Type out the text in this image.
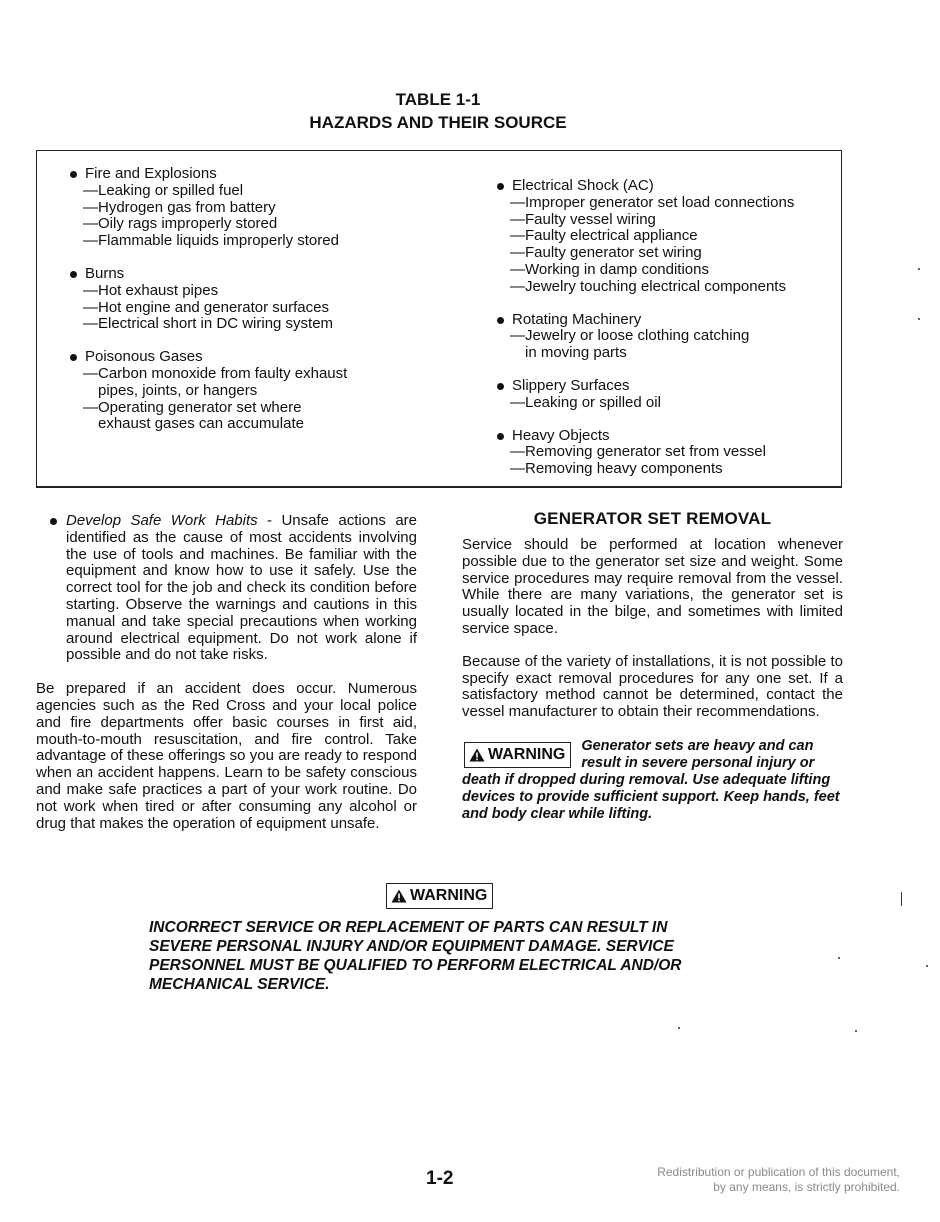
TABLE 1-1
HAZARDS AND THEIR SOURCE
Fire and Explosions
—Leaking or spilled fuel
—Hydrogen gas from battery
—Oily rags improperly stored
—Flammable liquids improperly stored
Burns
—Hot exhaust pipes
—Hot engine and generator surfaces
—Electrical short in DC wiring system
Poisonous Gases
—Carbon monoxide from faulty exhaust
pipes, joints, or hangers
—Operating generator set where
exhaust gases can accumulate
Electrical Shock (AC)
—Improper generator set load connections
—Faulty vessel wiring
—Faulty electrical appliance
—Faulty generator set wiring
—Working in damp conditions
—Jewelry touching electrical components
Rotating Machinery
—Jewelry or loose clothing catching
in moving parts
Slippery Surfaces
—Leaking or spilled oil
Heavy Objects
—Removing generator set from vessel
—Removing heavy components
Develop Safe Work Habits - Unsafe actions are identified as the cause of most accidents involving the use of tools and machines. Be familiar with the equipment and know how to use it safely. Use the correct tool for the job and check its condition before starting. Observe the warnings and cautions in this manual and take special precautions when working around electrical equipment. Do not work alone if possible and do not take risks.
Be prepared if an accident does occur. Numerous agencies such as the Red Cross and your local police and fire departments offer basic courses in first aid, mouth-to-mouth resuscitation, and fire control. Take advantage of these offerings so you are ready to respond when an accident happens. Learn to be safety conscious and make safe practices a part of your work routine. Do not work when tired or after consuming any alcohol or drug that makes the operation of equipment unsafe.
GENERATOR SET REMOVAL
Service should be performed at location whenever possible due to the generator set size and weight. Some service procedures may require removal from the vessel. While there are many variations, the generator set is usually located in the bilge, and sometimes with limited service space.
Because of the variety of installations, it is not possible to specify exact removal procedures for any one set. If a satisfactory method cannot be determined, contact the vessel manufacturer to obtain their recommendations.
WARNING Generator sets are heavy and can result in severe personal injury or death if dropped during removal. Use adequate lifting devices to provide sufficient support. Keep hands, feet and body clear while lifting.
WARNING
INCORRECT SERVICE OR REPLACEMENT OF PARTS CAN RESULT IN SEVERE PERSONAL INJURY AND/OR EQUIPMENT DAMAGE. SERVICE PERSONNEL MUST BE QUALIFIED TO PERFORM ELECTRICAL AND/OR MECHANICAL SERVICE.
1-2	Redistribution or publication of this document,
by any means, is strictly prohibited.
